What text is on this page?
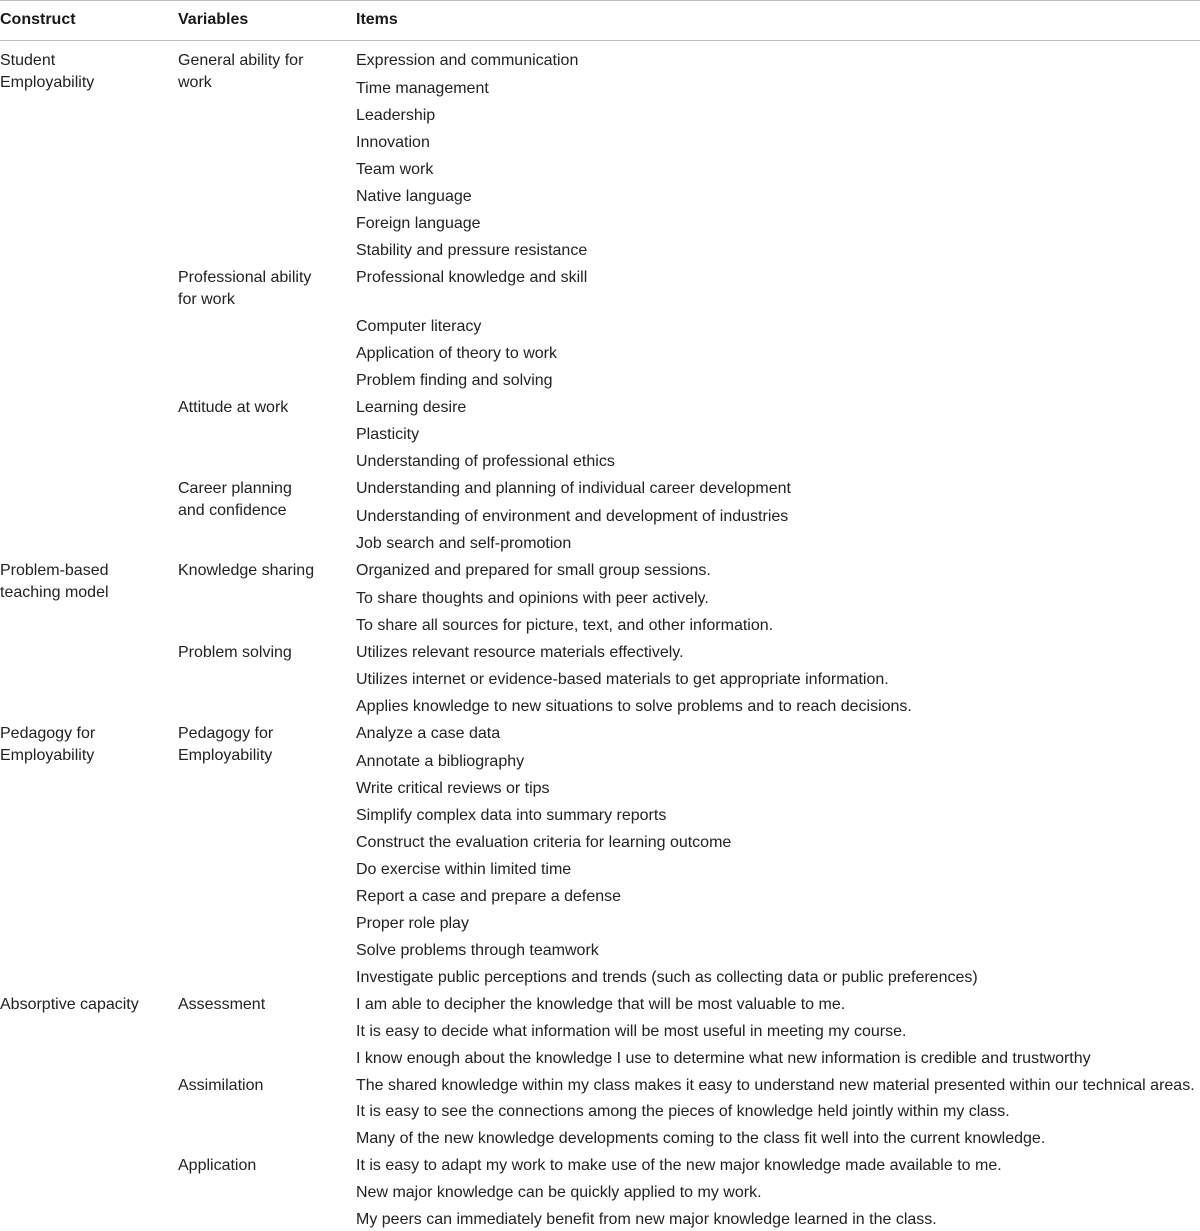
Construct	Variables	Items
Student
Employability
Problem-based
teaching model
Pedagogy for
Employability
Absorptive capacity
General ability for
work
Professional ability
for work
Attitude at work
Career planning
and confidence
Knowledge sharing
Problem solving
Pedagogy for
Employability
Assessment
Assimilation
Application
Expression and communication
Time management
Leadership
Innovation
Team work
Native language
Foreign language
Stability and pressure resistance
Professional knowledge and skill
Computer literacy
Application of theory to work
Problem finding and solving
Learning desire
Plasticity
Understanding of professional ethics
Understanding and planning of individual career development
Understanding of environment and development of industries
Job search and self-promotion
Organized and prepared for small group sessions.
To share thoughts and opinions with peer actively.
To share all sources for picture, text, and other information.
Utilizes relevant resource materials effectively.
Utilizes internet or evidence-based materials to get appropriate information.
Applies knowledge to new situations to solve problems and to reach decisions.
Analyze a case data
Annotate a bibliography
Write critical reviews or tips
Simplify complex data into summary reports
Construct the evaluation criteria for learning outcome
Do exercise within limited time
Report a case and prepare a defense
Proper role play
Solve problems through teamwork
Investigate public perceptions and trends (such as collecting data or public preferences)
I am able to decipher the knowledge that will be most valuable to me.
It is easy to decide what information will be most useful in meeting my course.
I know enough about the knowledge I use to determine what new information is credible and trustworthy
The shared knowledge within my class makes it easy to understand new material presented within our technical areas.
It is easy to see the connections among the pieces of knowledge held jointly within my class.
Many of the new knowledge developments coming to the class fit well into the current knowledge.
It is easy to adapt my work to make use of the new major knowledge made available to me.
New major knowledge can be quickly applied to my work.
My peers can immediately benefit from new major knowledge learned in the class.
